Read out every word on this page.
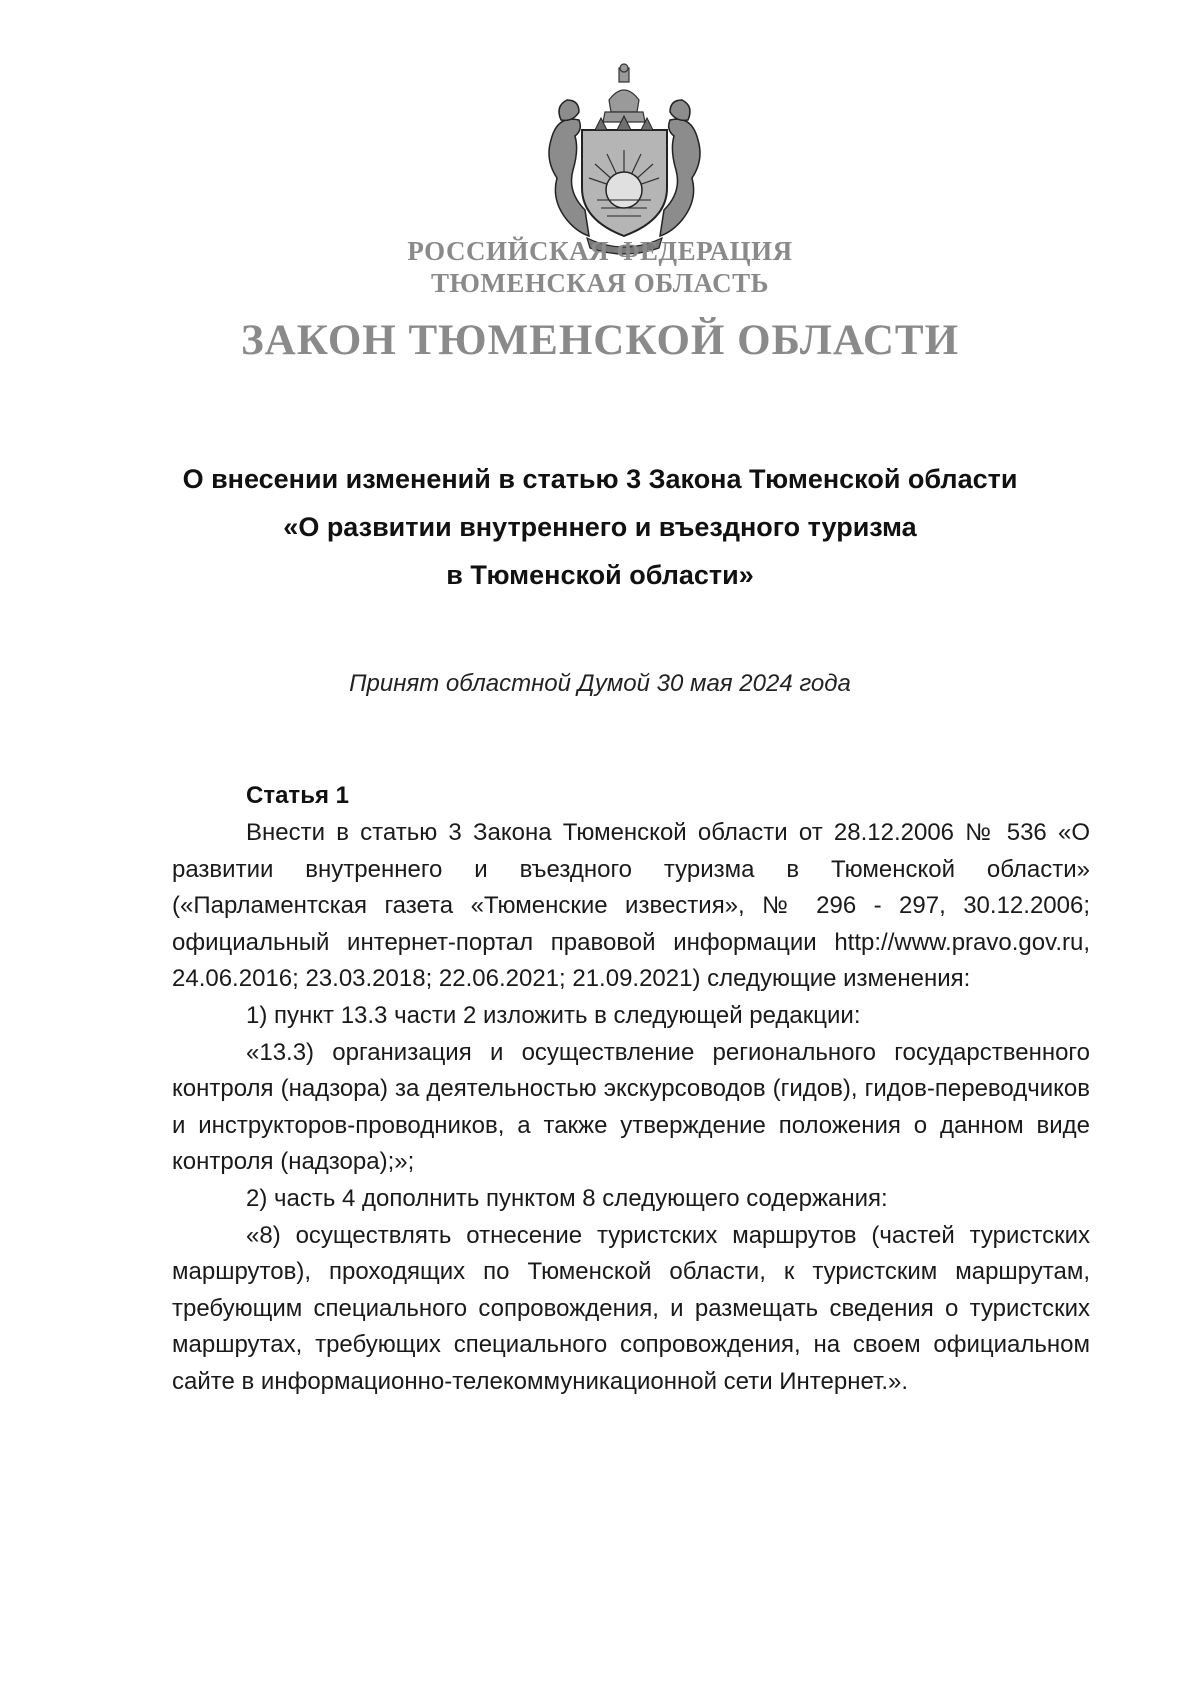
РОССИЙСКАЯ ФЕДЕРАЦИЯ
ТЮМЕНСКАЯ ОБЛАСТЬ
ЗАКОН ТЮМЕНСКОЙ ОБЛАСТИ
О внесении изменений в статью 3 Закона Тюменской области
«О развитии внутреннего и въездного туризма
в Тюменской области»
Принят областной Думой 30 мая 2024 года
Статья 1

Внести в статью 3 Закона Тюменской области от 28.12.2006 № 536 «О развитии внутреннего и въездного туризма в Тюменской области» («Парламентская газета «Тюменские известия», № 296 - 297, 30.12.2006; официальный интернет-портал правовой информации http://www.pravo.gov.ru, 24.06.2016; 23.03.2018; 22.06.2021; 21.09.2021) следующие изменения:

1) пункт 13.3 части 2 изложить в следующей редакции:

«13.3) организация и осуществление регионального государственного контроля (надзора) за деятельностью экскурсоводов (гидов), гидов-переводчиков и инструкторов-проводников, а также утверждение положения о данном виде контроля (надзора);»;

2) часть 4 дополнить пунктом 8 следующего содержания:

«8) осуществлять отнесение туристских маршрутов (частей туристских маршрутов), проходящих по Тюменской области, к туристским маршрутам, требующим специального сопровождения, и размещать сведения о туристских маршрутах, требующих специального сопровождения, на своем официальном сайте в информационно-телекоммуникационной сети Интернет.».
